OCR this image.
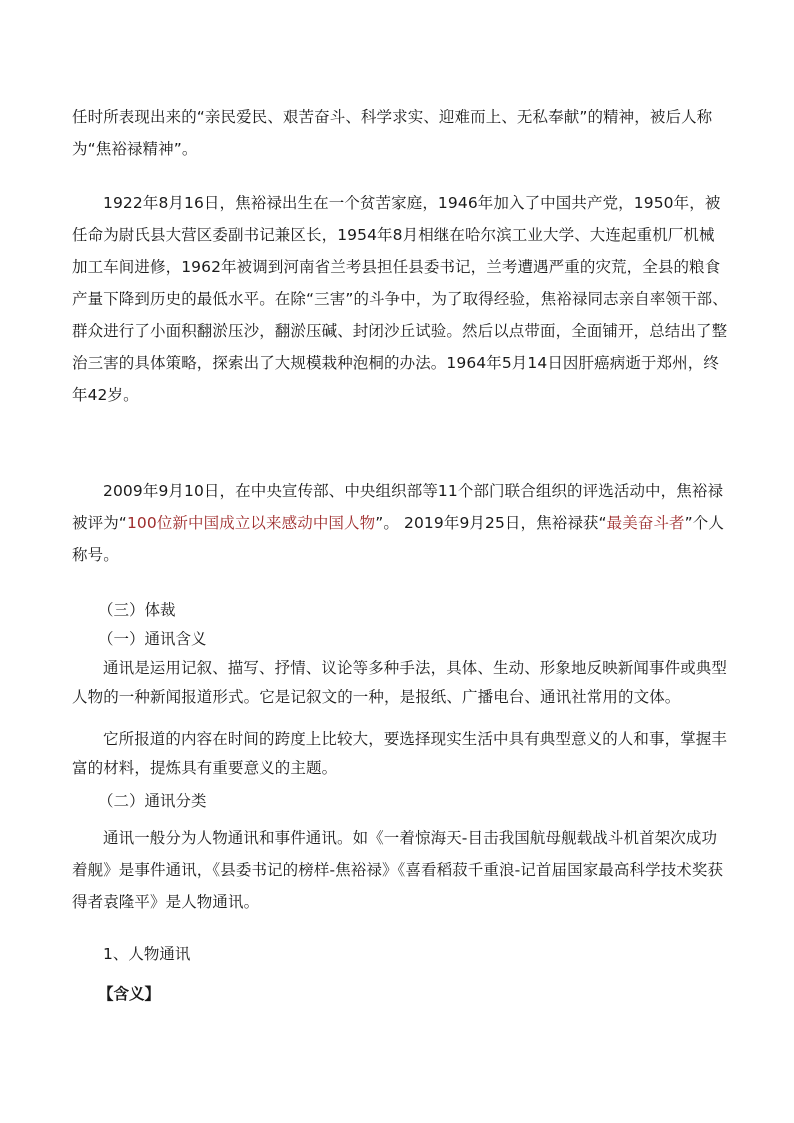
任时所表现出来的“亲民爱民、艰苦奋斗、科学求实、迎难而上、无私奉献”的精神，被后人称为“焦裕禄精神”。

1922年8月16日，焦裕禄出生在一个贫苦家庭，1946年加入了中国共产党，1950年，被任命为尉氏县大营区委副书记兼区长，1954年8月相继在哈尔滨工业大学、大连起重机厂机械加工车间进修，1962年被调到河南省兰考县担任县委书记，兰考遭遇严重的灾荒，全县的粮食产量下降到历史的最低水平。在除“三害”的斗争中，为了取得经验，焦裕禄同志亲自率领干部、群众进行了小面积翻淤压沙，翻淤压碱、封闭沙丘试验。然后以点带面，全面铺开，总结出了整治三害的具体策略，探索出了大规模栽种泡桐的办法。1964年5月14日因肝癌病逝于郑州，终年42岁。

2009年9月10日，在中央宣传部、中央组织部等11个部门联合组织的评选活动中，焦裕禄被评为“100位新中国成立以来感动中国人物”。 2019年9月25日，焦裕禄获“最美奋斗者”个人称号。

（三）体裁

（一）通讯含义

通讯是运用记叙、描写、抒情、议论等多种手法，具体、生动、形象地反映新闻事件或典型人物的一种新闻报道形式。它是记叙文的一种，是报纸、广播电台、通讯社常用的文体。

它所报道的内容在时间的跨度上比较大，要选择现实生活中具有典型意义的人和事，掌握丰富的材料，提炼具有重要意义的主题。

（二）通讯分类

通讯一般分为人物通讯和事件通讯。如《一着惊海天-目击我国航母舰载战斗机首架次成功着舰》是事件通讯，《县委书记的榜样-焦裕禄》《喜看稻菽千重浪-记首届国家最高科学技术奖获得者袁隆平》是人物通讯。

1、人物通讯

【含义】
